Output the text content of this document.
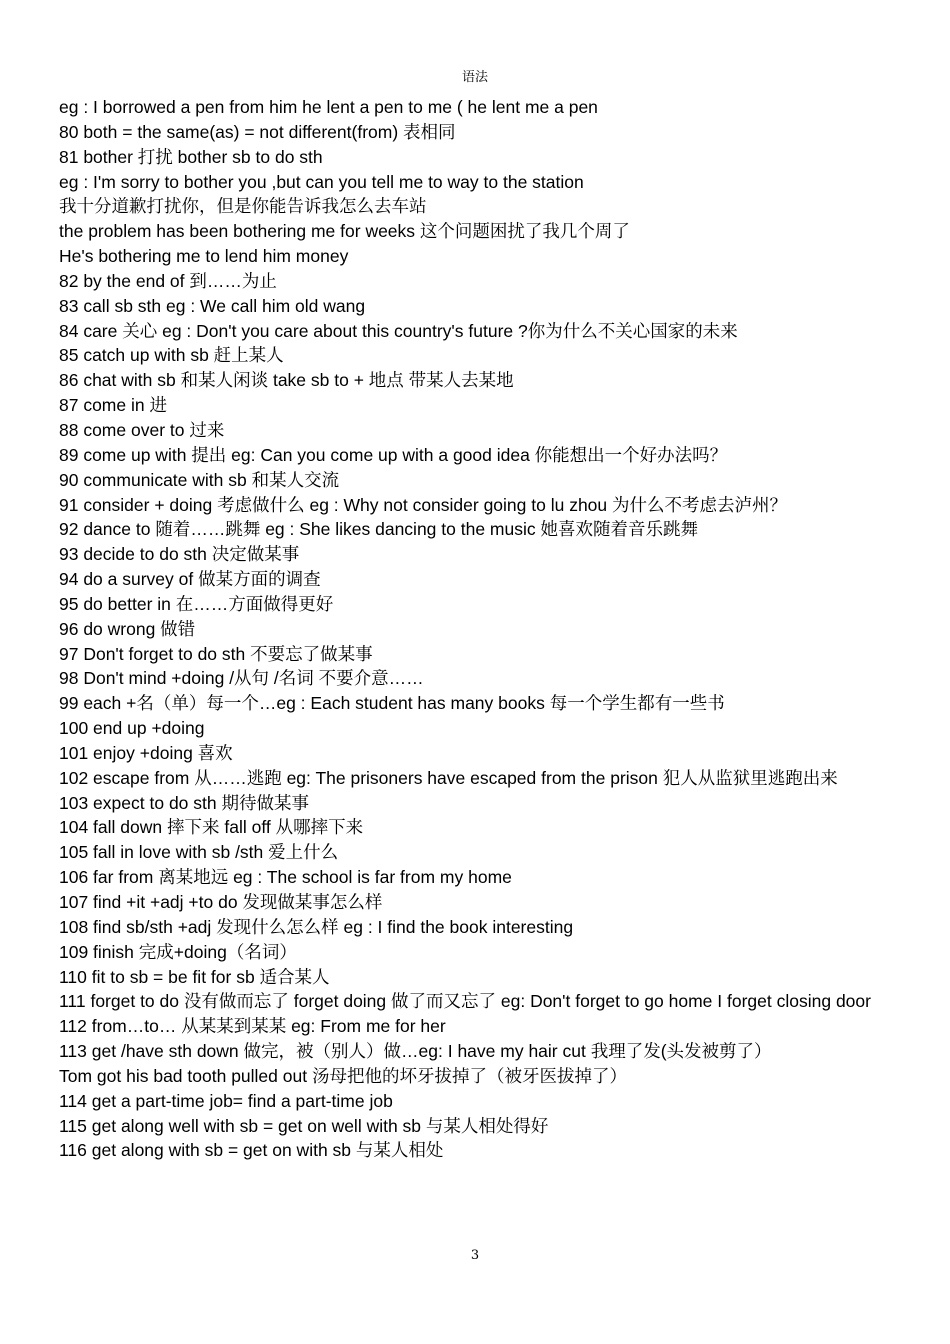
语法
eg : I borrowed a pen from him he lent a pen to me ( he lent me a pen
80 both = the same(as) = not different(from) 表相同
81 bother 打扰 bother sb to do sth
eg : I'm sorry to bother you ,but can you tell me to way to the station
我十分道歉打扰你，但是你能告诉我怎么去车站
the problem has been bothering me for weeks 这个问题困扰了我几个周了
He's bothering me to lend him money
82 by the end of 到……为止
83 call sb sth eg : We call him old wang
84 care 关心 eg : Don't you care about this country's future ?你为什么不关心国家的未来
85 catch up with sb 赶上某人
86 chat with sb 和某人闲谈 take sb to + 地点 带某人去某地
87 come in 进
88 come over to 过来
89 come up with 提出 eg: Can you come up with a good idea 你能想出一个好办法吗？
90 communicate with sb 和某人交流
91 consider + doing 考虑做什么 eg : Why not consider going to lu zhou 为什么不考虑去泸州？
92 dance to 随着……跳舞 eg : She likes dancing to the music 她喜欢随着音乐跳舞
93 decide to do sth 决定做某事
94 do a survey of 做某方面的调查
95 do better in 在……方面做得更好
96 do wrong 做错
97 Don't forget to do sth 不要忘了做某事
98 Don't mind +doing /从句 /名词 不要介意……
99 each +名（单）每一个…eg : Each student has many books 每一个学生都有一些书
100 end up +doing
101 enjoy +doing 喜欢
102 escape from 从……逃跑 eg: The prisoners have escaped from the prison 犯人从监狱里逃跑出来
103 expect to do sth 期待做某事
104 fall down 摔下来 fall off 从哪摔下来
105 fall in love with sb /sth 爱上什么
106 far from 离某地远 eg : The school is far from my home
107 find +it +adj +to do 发现做某事怎么样
108 find sb/sth +adj 发现什么怎么样 eg : I find the book interesting
109 finish 完成+doing（名词）
110 fit to sb = be fit for sb 适合某人
111 forget to do 没有做而忘了 forget doing 做了而又忘了 eg: Don't forget to go home I forget closing door
112 from…to… 从某某到某某 eg: From me for her
113 get /have sth down 做完，被（别人）做…eg: I have my hair cut 我理了发(头发被剪了）
Tom got his bad tooth pulled out 汤母把他的坏牙拔掉了（被牙医拔掉了）
114 get a part-time job= find a part-time job
115 get along well with sb = get on well with sb 与某人相处得好
116 get along with sb = get on with sb 与某人相处
3
